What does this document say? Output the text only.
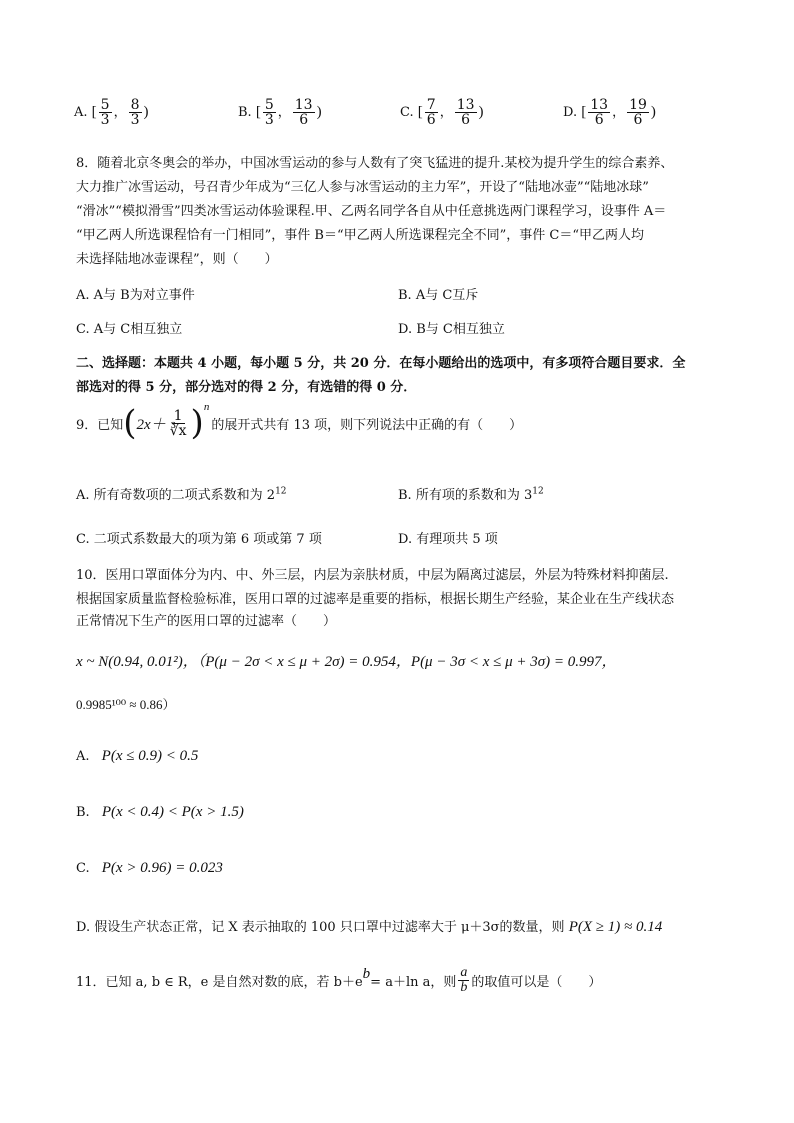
A. [ $\frac{5}{3}$ ， $\frac{8}{3}$ )	B. [ $\frac{5}{3}$ ， $\frac{13}{6}$ )	C. [ $\frac{7}{6}$ ， $\frac{13}{6}$ )	D. [ $\frac{13}{6}$ ， $\frac{19}{6}$ )
8．随着北京冬奥会的举办，中国冰雪运动的参与人数有了突飞猛进的提升.某校为提升学生的综合素养、
大力推广冰雪运动，号召青少年成为“三亿人参与冰雪运动的主力军”，开设了“陆地冰壶”“陆地冰球”
“滑冰”“模拟滑雪”四类冰雪运动体验课程.甲、乙两名同学各自从中任意挑选两门课程学习，设事件 A＝
“甲乙两人所选课程恰有一门相同”，事件 B＝“甲乙两人所选课程完全不同”，事件 C＝“甲乙两人均
未选择陆地冰壶课程”，则（　　）
A. A与 B为对立事件	B. A与 C互斥
C. A与 C相互独立	D. B与 C相互独立
二、选择题：本题共 4 小题，每小题 5 分，共 20 分．在每小题给出的选项中，有多项符合题目要求．全
部选对的得 5 分，部分选对的得 2 分，有选错的得 0 分．
9．已知 ( $2x+ \frac{1}{∛x}$ ) n
的展开式共有 13 项，则下列说法中正确的有（　　）
A. 所有奇数项的二项式系数和为 $2^{12}$	B. 所有项的系数和为 $3^{12}$
C. 二项式系数最大的项为第 6 项或第 7 项	D. 有理项共 5 项
10．医用口罩面体分为内、中、外三层，内层为亲肤材质，中层为隔离过滤层，外层为特殊材料抑菌层.
根据国家质量监督检验标准，医用口罩的过滤率是重要的指标，根据长期生产经验，某企业在生产线状态
正常情况下生产的医用口罩的过滤率（　　）
x ~ N(0.94, 0.01²)，（P(μ − 2σ < x ≤ μ + 2σ) = 0.954，P(μ − 3σ < x ≤ μ + 3σ) = 0.997，
0.9985¹⁰⁰ ≈ 0.86）
A. P(x ≤ 0.9) < 0.5
B. P(x < 0.4) < P(x > 1.5)
C. P(x > 0.96) = 0.023
D. 假设生产状态正常，记 X 表示抽取的 100 只口罩中过滤率大于 μ＋3σ的数量，则 P(X ≥ 1) ≈ 0.14
11．已知 a, b ∈ R，e 是自然对数的底，若 b＋e
$^b$
= a＋ln a，则 $\frac{a}{b}$ 的取值可以是（　　）
